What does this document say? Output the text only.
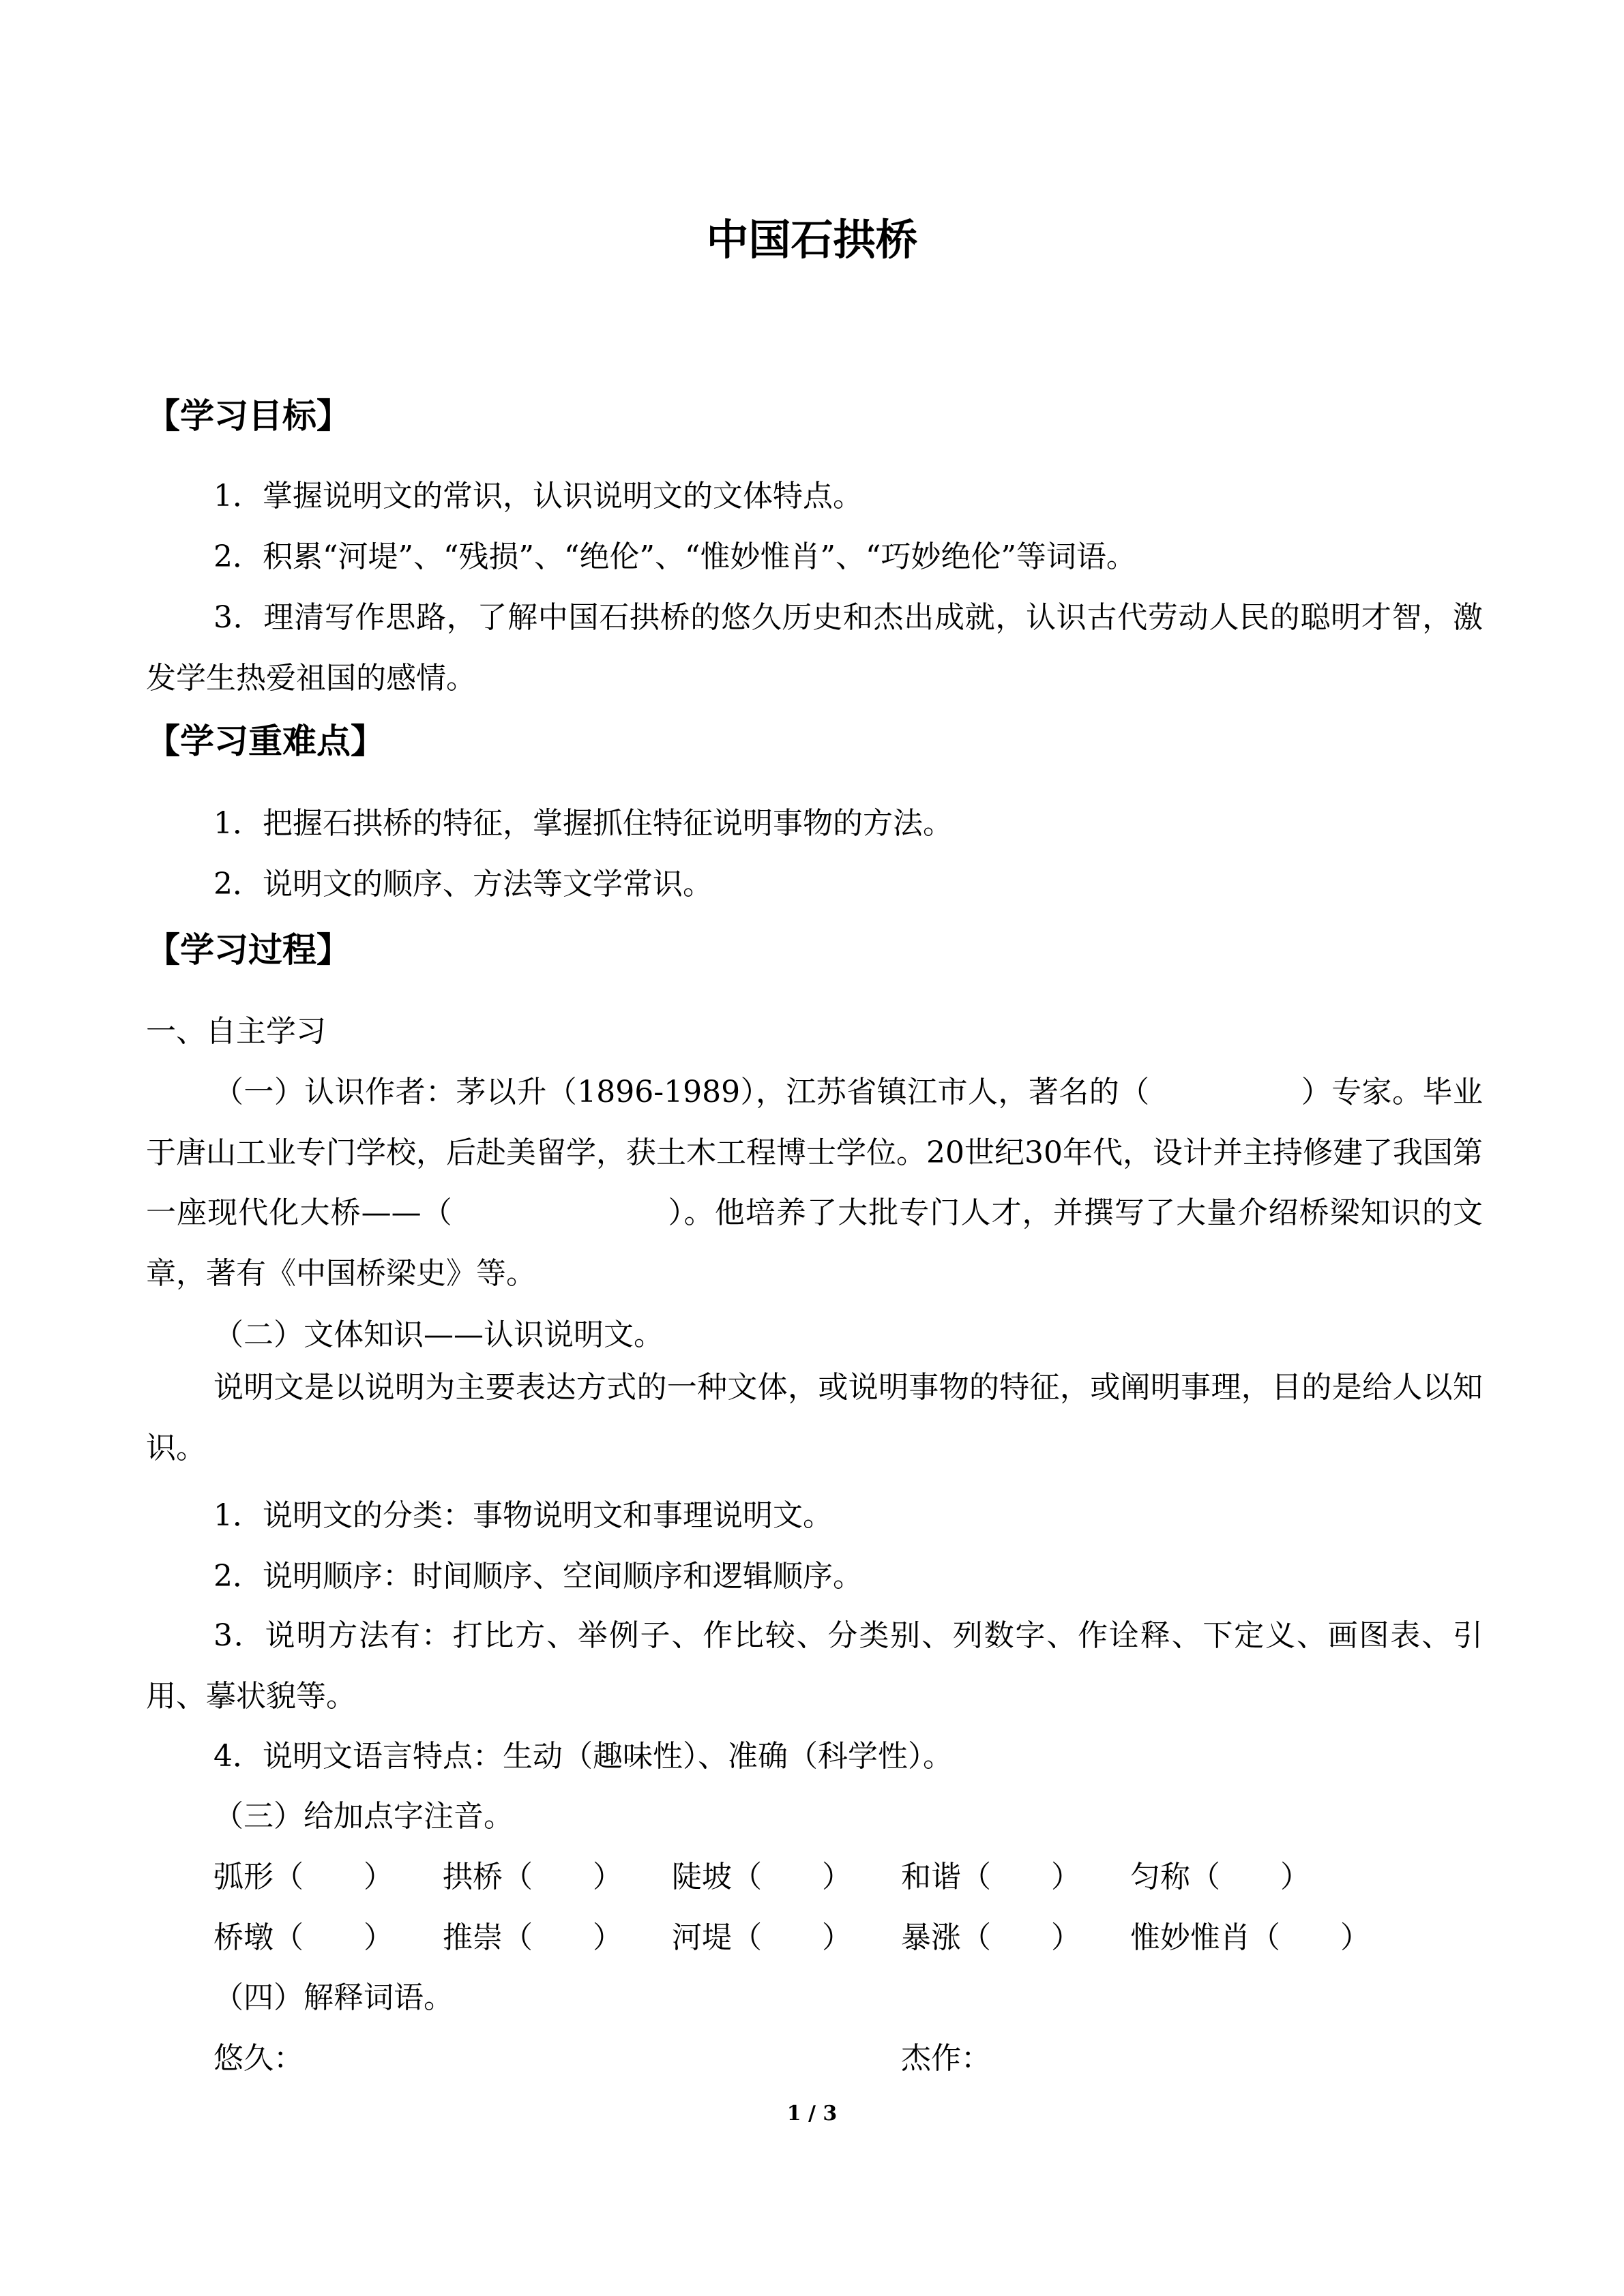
中国石拱桥
【学习目标】

1．掌握说明文的常识，认识说明文的文体特点。

2．积累“河堤”、“残损”、“绝伦”、“惟妙惟肖”、“巧妙绝伦”等词语。

3．理清写作思路，了解中国石拱桥的悠久历史和杰出成就，认识古代劳动人民的聪明才智，激发学生热爱祖国的感情。

【学习重难点】

1．把握石拱桥的特征，掌握抓住特征说明事物的方法。

2．说明文的顺序、方法等文学常识。

【学习过程】

一、自主学习

（一）认识作者：茅以升（1896-1989），江苏省镇江市人，著名的（　　　　　）专家。毕业于唐山工业专门学校，后赴美留学，获土木工程博士学位。20世纪30年代，设计并主持修建了我国第一座现代化大桥——（　　　　　　　）。他培养了大批专门人才，并撰写了大量介绍桥梁知识的文章，著有《中国桥梁史》等。

（二）文体知识——认识说明文。

说明文是以说明为主要表达方式的一种文体，或说明事物的特征，或阐明事理，目的是给人以知识。

1．说明文的分类：事物说明文和事理说明文。

2．说明顺序：时间顺序、空间顺序和逻辑顺序。

3．说明方法有：打比方、举例子、作比较、分类别、列数字、作诠释、下定义、画图表、引用、摹状貌等。

4．说明文语言特点：生动（趣味性）、准确（科学性）。

（三）给加点字注音。

弧形（　　） 拱桥（　　） 陡坡（　　） 和谐（　　） 匀称（　　）
桥墩（　　） 推崇（　　） 河堤（　　） 暴涨（　　） 惟妙惟肖（　　）

（四）解释词语。

悠久：	杰作：

1 / 3
